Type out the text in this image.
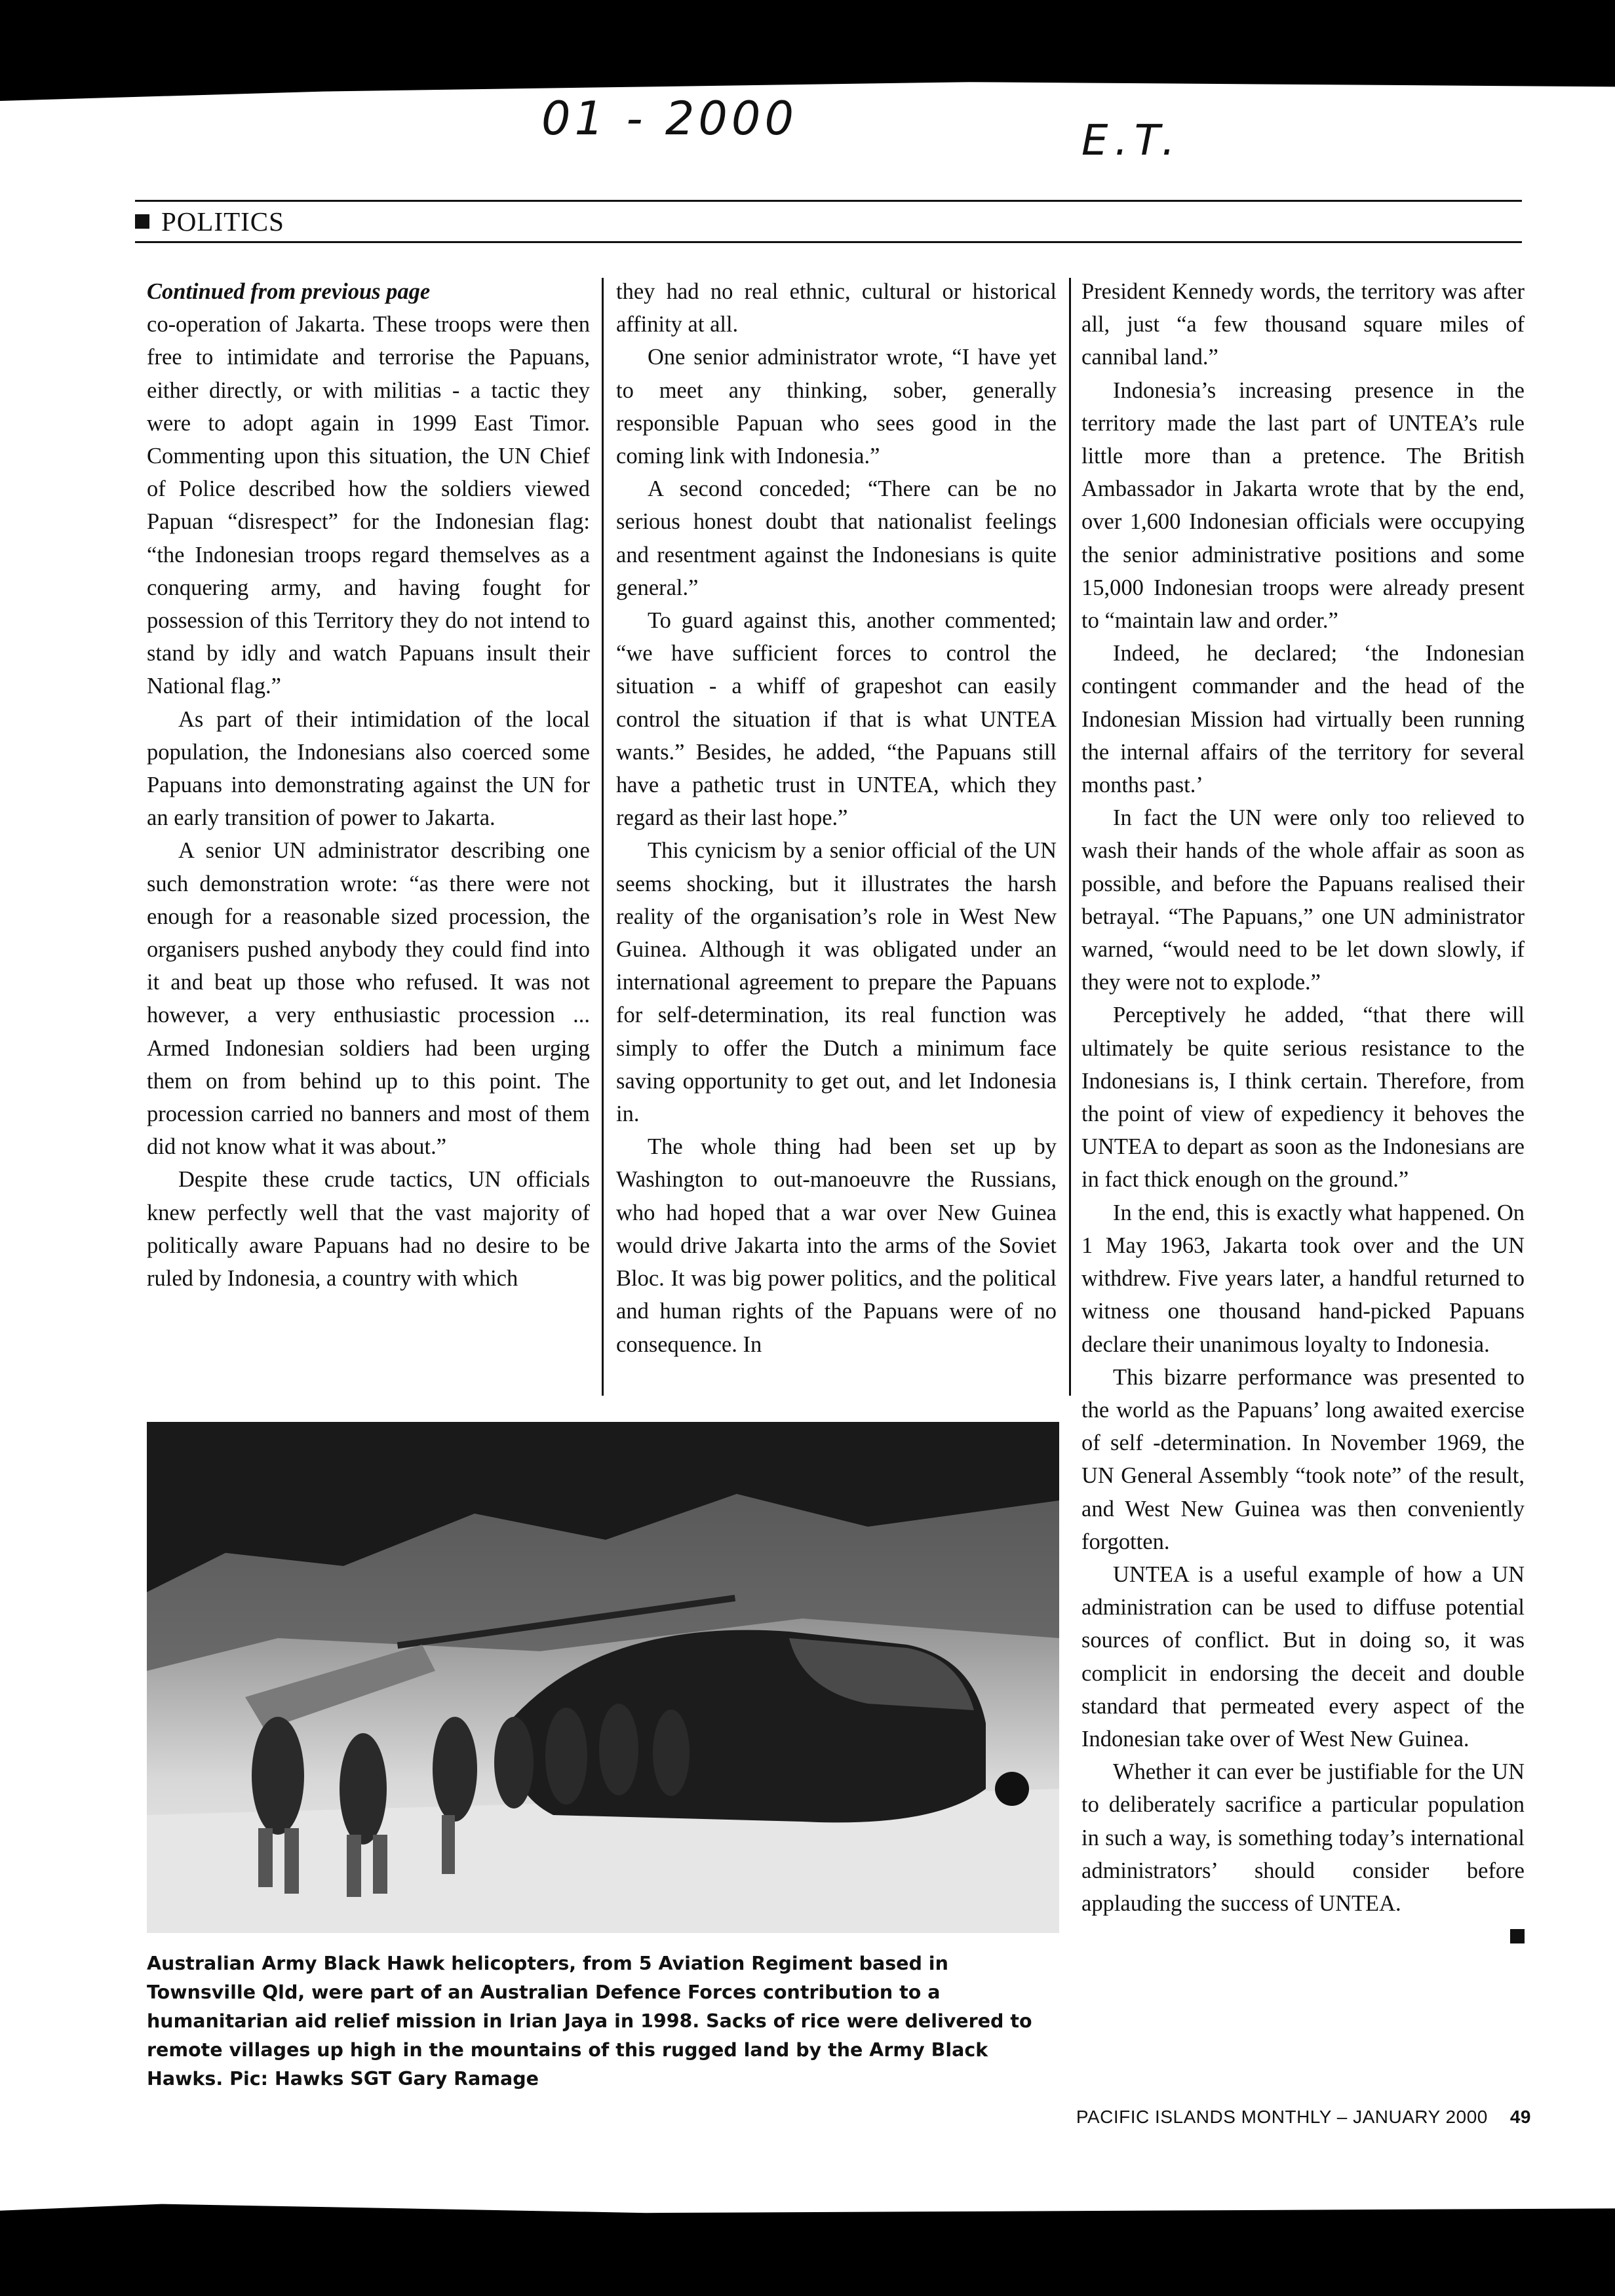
01 - 2000	E.T.
POLITICS

Continued from previous page

co-operation of Jakarta. These troops were then free to intimidate and terrorise the Papuans, either directly, or with militias - a tactic they were to adopt again in 1999 East Timor. Commenting upon this situation, the UN Chief of Police described how the soldiers viewed Papuan “disrespect” for the Indonesian flag: “the Indonesian troops regard themselves as a conquering army, and having fought for possession of this Territory they do not intend to stand by idly and watch Papuans insult their National flag.”

As part of their intimidation of the local population, the Indonesians also coerced some Papuans into demonstrating against the UN for an early transition of power to Jakarta.

A senior UN administrator describing one such demonstration wrote: “as there were not enough for a reasonable sized procession, the organisers pushed anybody they could find into it and beat up those who refused. It was not however, a very enthusiastic procession ... Armed Indonesian soldiers had been urging them on from behind up to this point. The procession carried no banners and most of them did not know what it was about.”

Despite these crude tactics, UN officials knew perfectly well that the vast majority of politically aware Papuans had no desire to be ruled by Indonesia, a country with which

they had no real ethnic, cultural or historical affinity at all.

One senior administrator wrote, “I have yet to meet any thinking, sober, generally responsible Papuan who sees good in the coming link with Indonesia.”

A second conceded; “There can be no serious honest doubt that nationalist feelings and resentment against the Indonesians is quite general.”

To guard against this, another commented; “we have sufficient forces to control the situation - a whiff of grapeshot can easily control the situation if that is what UNTEA wants.” Besides, he added, “the Papuans still have a pathetic trust in UNTEA, which they regard as their last hope.”

This cynicism by a senior official of the UN seems shocking, but it illustrates the harsh reality of the organisation’s role in West New Guinea. Although it was obligated under an international agreement to prepare the Papuans for self-determination, its real function was simply to offer the Dutch a minimum face saving opportunity to get out, and let Indonesia in.

The whole thing had been set up by Washington to out-manoeuvre the Russians, who had hoped that a war over New Guinea would drive Jakarta into the arms of the Soviet Bloc. It was big power politics, and the political and human rights of the Papuans were of no consequence. In

President Kennedy words, the territory was after all, just “a few thousand square miles of cannibal land.”

Indonesia’s increasing presence in the territory made the last part of UNTEA’s rule little more than a pretence. The British Ambassador in Jakarta wrote that by the end, over 1,600 Indonesian officials were occupying the senior administrative positions and some 15,000 Indonesian troops were already present to “maintain law and order.”

Indeed, he declared; ‘the Indonesian contingent commander and the head of the Indonesian Mission had virtually been running the internal affairs of the territory for several months past.’

In fact the UN were only too relieved to wash their hands of the whole affair as soon as possible, and before the Papuans realised their betrayal. “The Papuans,” one UN administrator warned, “would need to be let down slowly, if they were not to explode.”

Perceptively he added, “that there will ultimately be quite serious resistance to the Indonesians is, I think certain. Therefore, from the point of view of expediency it behoves the UNTEA to depart as soon as the Indonesians are in fact thick enough on the ground.”

In the end, this is exactly what happened. On 1 May 1963, Jakarta took over and the UN withdrew. Five years later, a handful returned to witness one thousand hand-picked Papuans declare their unanimous loyalty to Indonesia.

This bizarre performance was presented to the world as the Papuans’ long awaited exercise of self -determination. In November 1969, the UN General Assembly “took note” of the result, and West New Guinea was then conveniently forgotten.

UNTEA is a useful example of how a UN administration can be used to diffuse potential sources of conflict. But in doing so, it was complicit in endorsing the deceit and double standard that permeated every aspect of the Indonesian take over of West New Guinea.

Whether it can ever be justifiable for the UN to deliberately sacrifice a particular population in such a way, is something today’s international administrators’ should consider before applauding the success of UNTEA.

Australian Army Black Hawk helicopters, from 5 Aviation Regiment based in Townsville Qld, were part of an Australian Defence Forces contribution to a humanitarian aid relief mission in Irian Jaya in 1998. Sacks of rice were delivered to remote villages up high in the mountains of this rugged land by the Army Black Hawks. Pic: Hawks SGT Gary Ramage
PACIFIC ISLANDS MONTHLY – JANUARY 2000 49
